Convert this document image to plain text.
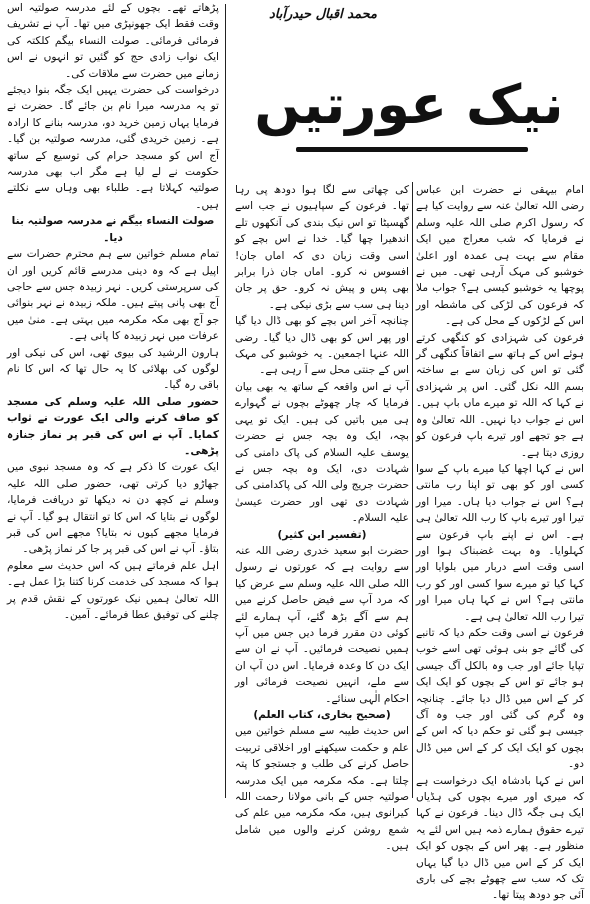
محمد اقبال حیدرآباد
نیک عورتیں

امام بیہقی نے حضرت ابن عباس رضی اللہ تعالیٰ عنہ سے روایت کیا ہے کہ رسول اکرم صلی اللہ علیہ وسلم نے فرمایا کہ شب معراج میں ایک مقام سے بہت ہی عمدہ اور اعلیٰ خوشبو کی مہک آرہی تھی۔ میں نے پوچھا یہ خوشبو کیسی ہے؟ جواب ملا کہ فرعون کی لڑکی کی ماشطہ اور اس کے لڑکوں کے محل کی ہے۔

فرعون کی شہزادی کو کنگھی کرتے ہوئے اس کے ہاتھ سے اتفاقاً کنگھی گر گئی تو اس کی زبان سے بے ساختہ بسم اللہ نکل گئی۔ اس پر شہزادی نے کہا کہ اللہ تو میرے ماں باپ ہیں۔ اس نے جواب دیا نہیں۔ اللہ تعالیٰ وہ ہے جو تجھے اور تیرے باپ فرعون کو روزی دیتا ہے۔

اس نے کہا اچھا کیا میرے باپ کے سوا کسی اور کو بھی تو اپنا رب مانتی ہے؟ اس نے جواب دیا ہاں۔ میرا اور تیرا اور تیرے باپ کا رب اللہ تعالیٰ ہی ہے۔ اس نے اپنے باپ فرعون سے کہلوایا۔ وہ بہت غضبناک ہوا اور اسی وقت اسے دربار میں بلوایا اور کہا کیا تو میرے سوا کسی اور کو رب مانتی ہے؟ اس نے کہا ہاں میرا اور تیرا رب اللہ تعالیٰ ہی ہے۔

فرعون نے اسی وقت حکم دیا کہ تانبے کی گائے جو بنی ہوئی تھی اسے خوب تپایا جائے اور جب وہ بالکل آگ جیسی ہو جائے تو اس کے بچوں کو ایک ایک کر کے اس میں ڈال دیا جائے۔ چنانچہ وہ گرم کی گئی اور جب وہ آگ جیسی ہو گئی تو حکم دیا کہ اس کے بچوں کو ایک ایک کر کے اس میں ڈال دو۔

اس نے کہا بادشاہ ایک درخواست ہے کہ میری اور میرے بچوں کی ہڈیاں ایک ہی جگہ ڈال دینا۔ فرعون نے کہا تیرے حقوق ہمارے ذمہ ہیں اس لئے یہ منظور ہے۔ پھر اس کے بچوں کو ایک ایک کر کے اس میں ڈال دیا گیا یہاں تک کہ سب سے چھوٹے بچے کی باری آئی جو دودھ پیتا تھا۔

کی چھاتی سے لگا ہوا دودھ پی رہا تھا۔ فرعون کے سپاہیوں نے جب اسے گھسیٹا تو اس نیک بندی کی آنکھوں تلے اندھیرا چھا گیا۔ خدا نے اس بچے کو اسی وقت زبان دی کہ اماں جان! افسوس نہ کرو۔ اماں جان ذرا برابر بھی پس و پیش نہ کرو۔ حق پر جان دینا ہی سب سے بڑی نیکی ہے۔

چنانچہ آخر اس بچے کو بھی ڈال دیا گیا اور پھر اس کو بھی ڈال دیا گیا۔ رضی اللہ عنہا اجمعین۔ یہ خوشبو کی مہک اس کے جنتی محل سے آ رہی ہے۔

آپ نے اس واقعہ کے ساتھ یہ بھی بیان فرمایا کہ چار چھوٹے بچوں نے گہوارے ہی میں باتیں کی ہیں۔ ایک تو یہی بچہ، ایک وہ بچہ جس نے حضرت یوسف علیہ السلام کی پاک دامنی کی شہادت دی، ایک وہ بچہ جس نے حضرت جریج ولی اللہ کی پاکدامنی کی شہادت دی تھی اور حضرت عیسیٰ علیہ السلام۔

(تفسیر ابن کثیر)

حضرت ابو سعید خدری رضی اللہ عنہ سے روایت ہے کہ عورتوں نے رسول اللہ صلی اللہ علیہ وسلم سے عرض کیا کہ مرد آپ سے فیض حاصل کرنے میں ہم سے آگے بڑھ گئے، آپ ہمارے لئے کوئی دن مقرر فرما دیں جس میں آپ ہمیں نصیحت فرمائیں۔ آپ نے ان سے ایک دن کا وعدہ فرمایا۔ اس دن آپ ان سے ملے، انہیں نصیحت فرمائی اور احکام الٰہی سنائے۔

(صحیح بخاری، کتاب العلم)

اس حدیث طیبہ سے مسلم خواتین میں علم و حکمت سیکھنے اور اخلاقی تربیت حاصل کرنے کی طلب و جستجو کا پتہ چلتا ہے۔ مکہ مکرمہ میں ایک مدرسہ صولتیہ جس کے بانی مولانا رحمت اللہ کیرانوی ہیں، مکہ مکرمہ میں علم کی شمع روشن کرنے والوں میں شامل ہیں۔

پڑھاتے تھے۔ بچوں کے لئے مدرسہ صولتیہ اس وقت فقط ایک جھونپڑی میں تھا۔ آپ نے تشریف فرمائی فرمائی۔ صولت النساء بیگم کلکتہ کی ایک نواب زادی حج کو گئیں تو انہوں نے اس زمانے میں حضرت سے ملاقات کی۔

درخواست کی حضرت یہیں ایک جگہ بنوا دیجئے تو یہ مدرسہ میرا نام بن جائے گا۔ حضرت نے فرمایا یہاں زمین خرید دو، مدرسہ بنانے کا ارادہ ہے۔ زمین خریدی گئی، مدرسہ صولتیہ بن گیا۔ آج اس کو مسجد حرام کی توسیع کے ساتھ حکومت نے لے لیا ہے مگر اب بھی مدرسہ صولتیہ کہلاتا ہے۔ طلباء بھی وہاں سے نکلتے ہیں۔

صولت النساء بیگم نے مدرسہ صولتیہ بنا دیا۔

تمام مسلم خواتین سے ہم محترم حضرات سے اپیل ہے کہ وہ دینی مدرسے قائم کریں اور ان کی سرپرستی کریں۔ نہر زبیدہ جس سے حاجی آج بھی پانی پیتے ہیں۔ ملکہ زبیدہ نے نہر بنوائی جو آج بھی مکہ مکرمہ میں بہتی ہے۔ منیٰ میں عرفات میں نہر زبیدہ کا پانی ہے۔

ہارون الرشید کی بیوی تھی، اس کی نیکی اور لوگوں کی بھلائی کا یہ حال تھا کہ اس کا نام باقی رہ گیا۔

حضور صلی اللہ علیہ وسلم کی مسجد کو صاف کرنے والی ایک عورت نے ثواب کمایا۔ آپ نے اس کی قبر پر نماز جنازہ پڑھی۔

ایک عورت کا ذکر ہے کہ وہ مسجد نبوی میں جھاڑو دیا کرتی تھی، حضور صلی اللہ علیہ وسلم نے کچھ دن نہ دیکھا تو دریافت فرمایا، لوگوں نے بتایا کہ اس کا تو انتقال ہو گیا۔ آپ نے فرمایا مجھے کیوں نہ بتایا؟ مجھے اس کی قبر بتاؤ۔ آپ نے اس کی قبر پر جا کر نماز پڑھی۔

اہل علم فرماتے ہیں کہ اس حدیث سے معلوم ہوا کہ مسجد کی خدمت کرنا کتنا بڑا عمل ہے۔ اللہ تعالیٰ ہمیں نیک عورتوں کے نقش قدم پر چلنے کی توفیق عطا فرمائے۔ آمین۔
